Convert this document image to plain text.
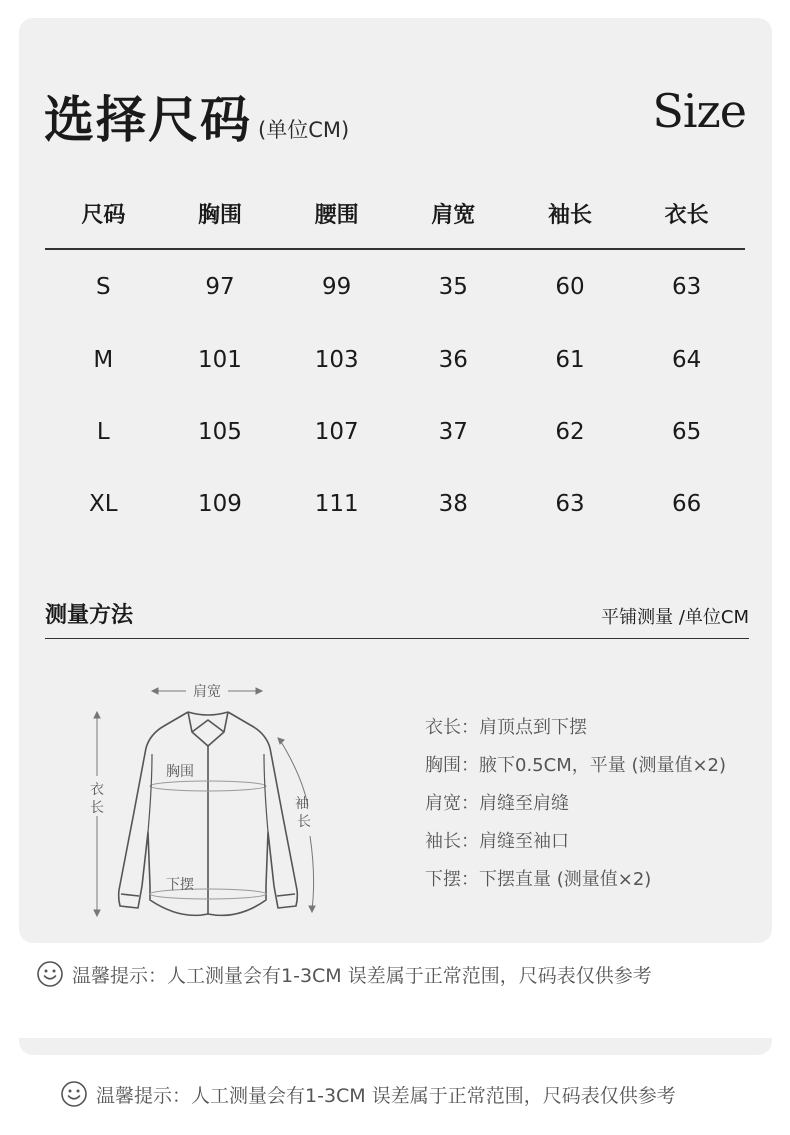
选择尺码 (单位CM)	Size
尺码	胸围	腰围	肩宽	袖长	衣长
S	97	99	35	60	63
M	101	103	36	61	64
L	105	107	37	62	65
XL	109	111	38	63	66
测量方法	平铺测量 /单位CM
肩宽
胸围
下摆
衣
长	袖
长
衣长：肩顶点到下摆
胸围：腋下0.5CM，平量 (测量值×2)
肩宽：肩缝至肩缝
袖长：肩缝至袖口
下摆：下摆直量 (测量值×2)
温馨提示：人工测量会有1-3CM 误差属于正常范围，尺码表仅供参考
温馨提示：人工测量会有1-3CM 误差属于正常范围，尺码表仅供参考
